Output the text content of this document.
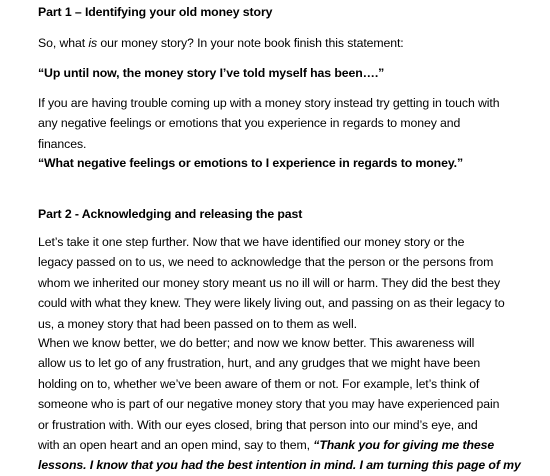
Part 1 – Identifying your old money story
So, what is our money story? In your note book finish this statement:
“Up until now, the money story I’ve told myself has been….”
If you are having trouble coming up with a money story instead try getting in touch with
any negative feelings or emotions that you experience in regards to money and
finances.
“What negative feelings or emotions to I experience in regards to money.”
Part 2 - Acknowledging and releasing the past
Let’s take it one step further. Now that we have identified our money story or the
legacy passed on to us, we need to acknowledge that the person or the persons from
whom we inherited our money story meant us no ill will or harm. They did the best they
could with what they knew. They were likely living out, and passing on as their legacy to
us, a money story that had been passed on to them as well.
When we know better, we do better; and now we know better. This awareness will
allow us to let go of any frustration, hurt, and any grudges that we might have been
holding on to, whether we’ve been aware of them or not. For example, let’s think of
someone who is part of our negative money story that you may have experienced pain
or frustration with. With our eyes closed, bring that person into our mind’s eye, and
with an open heart and an open mind, say to them, “Thank you for giving me these
lessons. I know that you had the best intention in mind. I am turning this page of my
